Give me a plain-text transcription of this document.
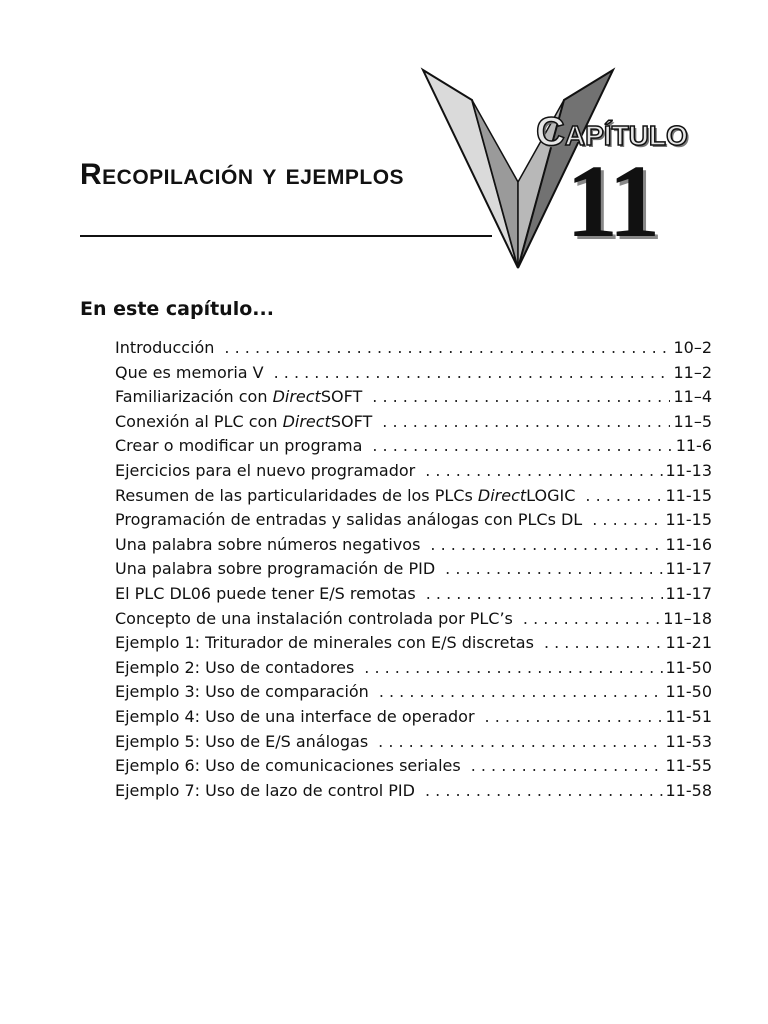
Recopilación y ejemplos
Capítulo
11
En este capítulo...
Introducción . . .	10–2
Que es memoria V . . .	11–2
Familiarización con DirectSOFT . . .	11–4
Conexión al PLC con DirectSOFT . . .	11–5
Crear o modificar un programa . . .	11-6
Ejercicios para el nuevo programador . . .	11-13
Resumen de las particularidades de los PLCs DirectLOGIC . . .	11-15
Programación de entradas y salidas análogas con PLCs DL . . .	11-15
Una palabra sobre números negativos . . .	11-16
Una palabra sobre programación de PID . . .	11-17
El PLC DL06 puede tener E/S remotas . . .	11-17
Concepto de una instalación controlada por PLC’s . . .	11–18
Ejemplo 1: Triturador de minerales con E/S discretas . . .	11-21
Ejemplo 2: Uso de contadores . . .	11-50
Ejemplo 3: Uso de comparación . . .	11-50
Ejemplo 4: Uso de una interface de operador . . .	11-51
Ejemplo 5: Uso de E/S análogas . . .	11-53
Ejemplo 6: Uso de comunicaciones seriales . . .	11-55
Ejemplo 7: Uso de lazo de control PID . . .	11-58
